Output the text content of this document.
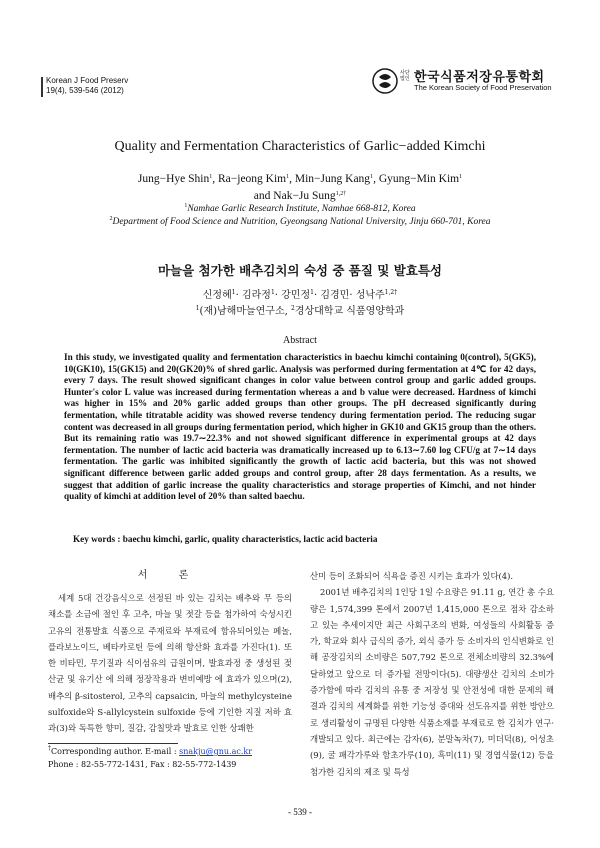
Korean J Food Preserv
19(4), 539-546 (2012)
사단법인 한국식품저장유통학회
The Korean Society of Food Preservation
Quality and Fermentation Characteristics of Garlic−added Kimchi
Jung−Hye Shin$^1$, Ra−jeong Kim$^1$, Min−Jung Kang$^1$, Gyung−Min Kim$^1$
and Nak−Ju Sung$^{1,2\dagger}$
$^1$Namhae Garlic Research Institute, Namhae 668-812, Korea
$^2$Department of Food Science and Nutrition, Gyeongsang National University, Jinju 660-701, Korea
마늘을 첨가한 배추김치의 숙성 중 품질 및 발효특성
신정혜$^1$· 김라정$^1$· 강민정$^1$· 김경민· 성낙주$^{1,2\dagger}$
$^1$(재)남해마늘연구소, $^2$경상대학교 식품영양학과
Abstract
In this study, we investigated quality and fermentation characteristics in baechu kimchi containing 0(control), 5(GK5), 10(GK10), 15(GK15) and 20(GK20)% of shred garlic. Analysis was performed during fermentation at 4℃ for 42 days, every 7 days. The result showed significant changes in color value between control group and garlic added groups. Hunter's color L value was increased during fermentation whereas a and b value were decreased. Hardness of kimchi was higher in 15% and 20% garlic added groups than other groups. The pH decreased significantly during fermentation, while titratable acidity was showed reverse tendency during fermentation period. The reducing sugar content was decreased in all groups during fermentation period, which higher in GK10 and GK15 group than the others. But its remaining ratio was 19.7∼22.3% and not showed significant difference in experimental groups at 42 days fermentation. The number of lactic acid bacteria was dramatically increased up to 6.13∼7.60 log CFU/g at 7∼14 days fermentation. The garlic was inhibited significantly the growth of lactic acid bacteria, but this was not showed significant difference between garlic added groups and control group, after 28 days fermentation. As a results, we suggest that addition of garlic increase the quality characteristics and storage properties of Kimchi, and not hinder quality of kimchi at addition level of 20% than salted baechu.
Key words : baechu kimchi, garlic, quality characteristics, lactic acid bacteria
서 론

세계 5대 건강음식으로 선정된 바 있는 김치는 배추와 무 등의 채소를 소금에 절인 후 고추, 마늘 및 젓갈 등을 첨가하여 숙성시킨 고유의 전통발효 식품으로 주재료와 부재료에 함유되어있는 페놀, 플라보노이드, 베타카로틴 등에 의해 항산화 효과를 가진다(1). 또한 비타민, 무기질과 식이섬유의 급원이며, 발효과정 중 생성된 젖산균 및 유기산 에 의해 정장작용과 변비예방 에 효과가 있으며(2), 배추의 β-sitosterol, 고추의 capsaicin, 마늘의 methylcysteine sulfoxide와 S-allylcystein sulfoxide 등에 기인한 지질 저하 효과(3)와 독특한 향미, 질감, 감칠맛과 발효로 인한 상쾌한

산미 등이 조화되어 식욕을 증진 시키는 효과가 있다(4).

2001년 배추김치의 1인당 1일 수요량은 91.11 g, 연간 총 수요량은 1,574,399 톤에서 2007년 1,415,000 톤으로 점차 감소하고 있는 추세이지만 최근 사회구조의 변화, 여성들의 사회활동 증가, 학교와 회사 급식의 증가, 외식 증가 등 소비자의 인식변화로 인해 공장김치의 소비량은 507,792 톤으로 전체소비량의 32.3%에 달하였고 앞으로 더 증가될 전망이다(5). 대량생산 김치의 소비가 증가함에 따라 김치의 유통 중 저장성 및 안전성에 대한 문제의 해결과 김치의 세계화를 위한 기능성 증대와 선도유지를 위한 방안으로 생리활성이 규명된 다양한 식품소재를 부재료로 한 김치가 연구·개발되고 있다. 최근에는 감자(6), 분말녹차(7), 미더덕(8), 어성초(9), 굴 패각가루와 함초가루(10), 흑미(11) 및 경엽식물(12) 등을 첨가한 김치의 제조 및 특성

†Corresponding author. E-mail : snakju@gnu.ac.kr
Phone : 82-55-772-1431, Fax : 82-55-772-1439
- 539 -
